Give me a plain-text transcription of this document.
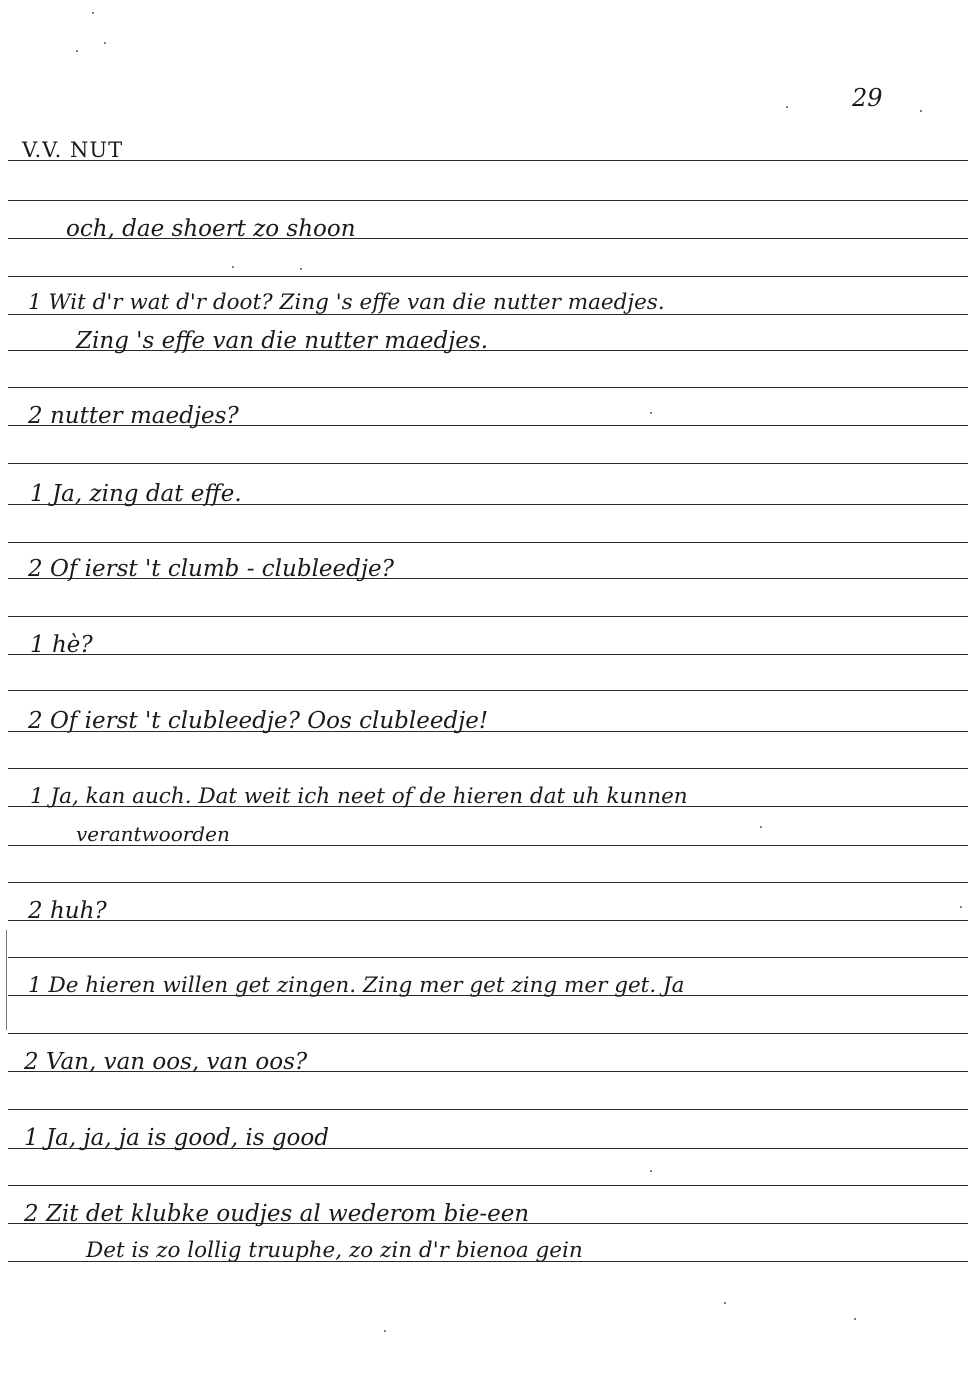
29
V.V. NUT
och, dae shoert zo shoon
1 Wit d'r wat d'r doot? Zing 's effe van die nutter maedjes.
Zing 's effe van die nutter maedjes.
2 nutter maedjes?
1 Ja, zing dat effe.
2 Of ierst 't clumb - clubleedje?
1 hè?
2 Of ierst 't clubleedje? Oos clubleedje!
1 Ja, kan auch. Dat weit ich neet of de hieren dat uh kunnen
verantwoorden
2 huh?
1 De hieren willen get zingen. Zing mer get zing mer get. Ja
2 Van, van oos, van oos?
1 Ja, ja, ja is good, is good
2 Zit det klubke oudjes al wederom bie-een
Det is zo lollig truuphe, zo zin d'r bienoa gein
